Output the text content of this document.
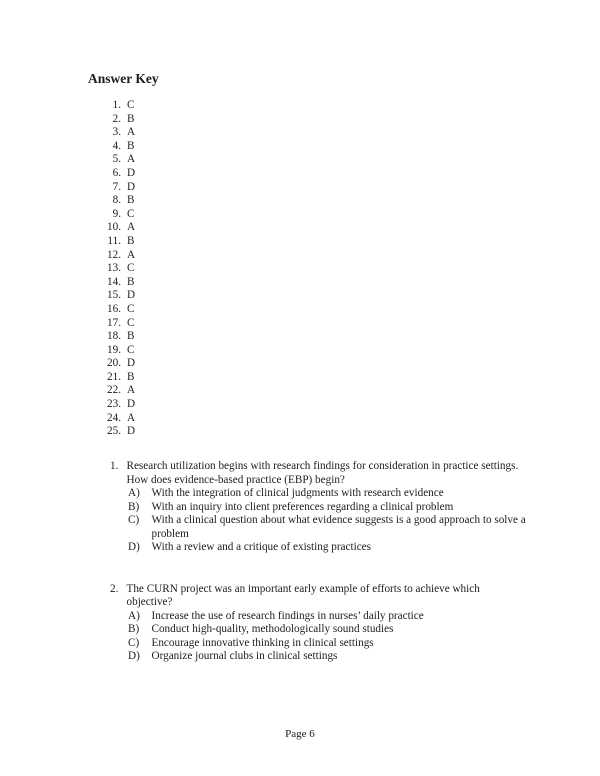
Answer Key
1. C
2. B
3. A
4. B
5. A
6. D
7. D
8. B
9. C
10. A
11. B
12. A
13. C
14. B
15. D
16. C
17. C
18. B
19. C
20. D
21. B
22. A
23. D
24. A
25. D
1. Research utilization begins with research findings for consideration in practice settings.
How does evidence-based practice (EBP) begin?
A)	With the integration of clinical judgments with research evidence
B)	With an inquiry into client preferences regarding a clinical problem
C)	With a clinical question about what evidence suggests is a good approach to solve a
problem
D)	With a review and a critique of existing practices
2. The CURN project was an important early example of efforts to achieve which
objective?
A)	Increase the use of research findings in nurses’ daily practice
B)	Conduct high-quality, methodologically sound studies
C)	Encourage innovative thinking in clinical settings
D)	Organize journal clubs in clinical settings
Page 6
